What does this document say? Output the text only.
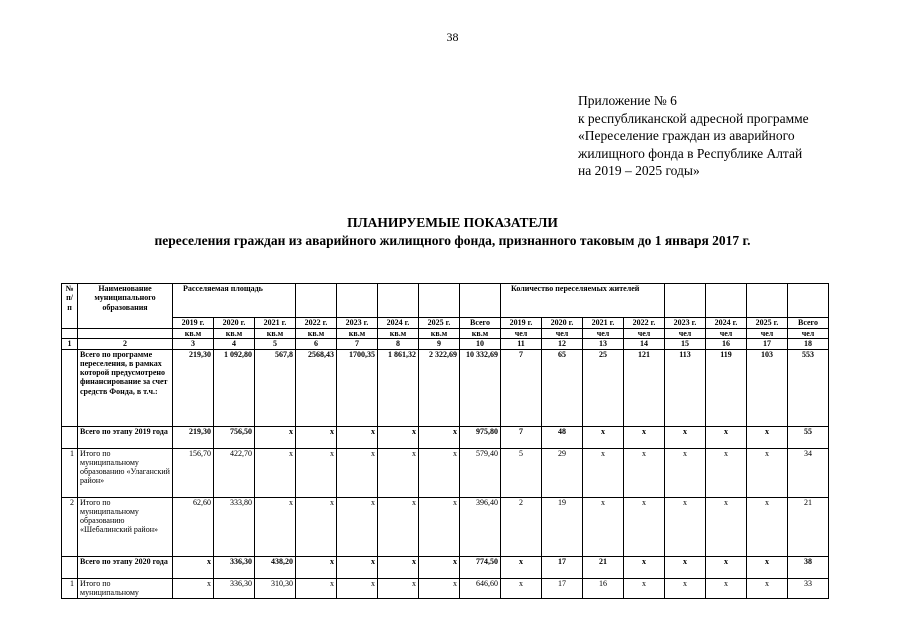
38
Приложение № 6
к республиканской адресной программе
«Переселение граждан из аварийного
жилищного фонда в Республике Алтай
на 2019 – 2025 годы»
ПЛАНИРУЕМЫЕ ПОКАЗАТЕЛИ
переселения граждан из аварийного жилищного фонда, признанного таковым до 1 января 2017 г.
№ п/п	Наименование муниципального образования	Расселяемая площадь								Количество переселяемых жителей							
		2019 г.	2020 г.	2021 г.	2022 г.	2023 г.	2024 г.	2025 г.	Всего	2019 г.	2020 г.	2021 г.	2022 г.	2023 г.	2024 г.	2025 г.	Всего
		кв.м	кв.м	кв.м	кв.м	кв.м	кв.м	кв.м	кв.м	чел	чел	чел	чел	чел	чел	чел	чел
1	2	3	4	5	6	7	8	9	10	11	12	13	14	15	16	17	18
	Всего по программе переселения, в рамках которой предусмотрено финансирование за счет средств Фонда, в т.ч.:	219,30	1 092,80	567,8	2568,43	1700,35	1 861,32	2 322,69	10 332,69	7	65	25	121	113	119	103	553
	Всего по этапу 2019 года	219,30	756,50	x	x	x	x	x	975,80	7	48	x	x	x	x	x	55
1	Итого по муниципальному образованию «Улаганский район»	156,70	422,70	x	x	x	x	x	579,40	5	29	x	x	x	x	x	34
2	Итого по муниципальному образованию «Шебалинский район»	62,60	333,80	x	x	x	x	x	396,40	2	19	x	x	x	x	x	21
	Всего по этапу 2020 года	x	336,30	438,20	x	x	x	x	774,50	x	17	21	x	x	x	x	38
1	Итого по муниципальному	x	336,30	310,30	x	x	x	x	646,60	x	17	16	x	x	x	x	33
